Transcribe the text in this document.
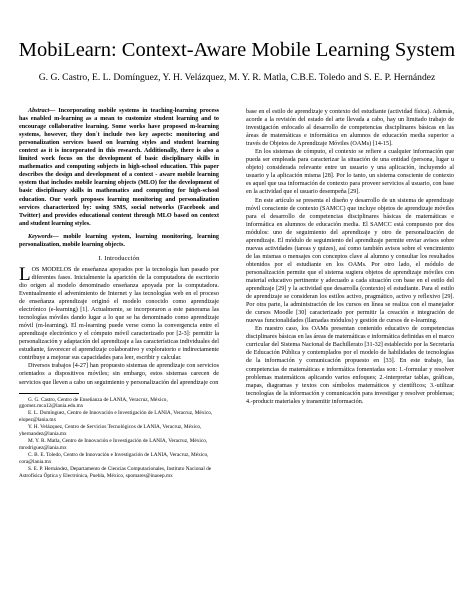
MobiLearn: Context-Aware Mobile Learning System
G. G. Castro, E. L. Domínguez, Y. H. Velázquez, M. Y. R. Matla, C.B.E. Toledo and S. E. P. Hernández

Abstract— Incorporating mobile systems in teaching-learning process has enabled m-learning as a mean to customize student learning and to encourage collaborative learning. Some works have proposed m-learning systems, however, they don´t include two key aspects: monitoring and personalization services based on learning styles and student learning context as it is incorporated in this research. Additionally, there is also a limited work focus on the development of basic disciplinary skills in mathematics and computing subjects in high-school education. This paper describes the design and development of a context - aware mobile learning system that includes mobile learning objects (MLO) for the development of basic disciplinary skills in mathematics and computing for high-school education. Our work proposes learning monitoring and personalization services characterized by: using SMS, social networks (Facebook and Twitter) and provides educational content through MLO based on context and student learning styles.

Keywords— mobile learning system, learning monitoring, learning personalization, mobile learning objects.

I. Introducción

LOS MODELOS de enseñanza apoyados por la tecnología han pasado por diferentes fases. Inicialmente la aparición de la computadora de escritorio dio origen al modelo denominado enseñanza apoyada por la computadora. Eventualmente el advenimiento de Internet y las tecnologías web en el proceso de enseñanza aprendizaje originó el modelo conocido como aprendizaje electrónico (e-learning) [1]. Actualmente, se incorporaron a este panorama las tecnologías móviles dando lugar a lo que se ha denominado como aprendizaje móvil (m-learning). El m-learning puede verse como la convergencia entre el aprendizaje electrónico y el cómputo móvil caracterizado por [2-3]: permitir la personalización y adaptación del aprendizaje a las características individuales del estudiante, favorecer el aprendizaje colaborativo y exploratorio e indirectamente contribuye a mejorar sus capacidades para leer, escribir y calcular.

Diversos trabajos [4-27] han propuesto sistemas de aprendizaje con servicios orientados a dispositivos móviles; sin embargo, estos sistemas carecen de servicios que lleven a cabo un seguimiento y personalización del aprendizaje con

G. G. Castro, Centro de Enseñanza de LANIA, Veracruz, México, ggomez.mca12@lania.edu.mx

E. L. Domínguez, Centro de Innovación e Investigación de LANIA, Veracruz, México, elopez@lania.mx

Y. H. Velázquez, Centro de Servicios Tecnológicos de LANIA, Veracruz, México, yhernandez@lania.mx

M. Y. R. Matla, Centro de Innovación e Investigación de LANIA, Veracruz, México, mrodriguez@lania.mx

C. B. E. Toledo, Centro de Innovación e Investigación de LANIA, Veracruz, México, cora@lania.mx

S. E. P. Hernández, Departamento de Ciencias Computacionales, Instituto Nacional de Astrofísica Óptica y Electrónica, Puebla, México, spomares@inaoep.mx

base en el estilo de aprendizaje y contexto del estudiante (actividad física). Además, acorde a la revisión del estado del arte llevada a cabo, hay un limitado trabajo de investigación enfocado al desarrollo de competencias disciplinares básicas en las áreas de matemáticas e informática en alumnos de educación media superior a través de Objetos de Aprendizaje Móviles (OAMs) [14-15].

En los sistemas de cómputo, el contexto se refiere a cualquier información que pueda ser empleada para caracterizar la situación de una entidad (persona, lugar u objeto) considerada relevante entre un usuario y una aplicación, incluyendo al usuario y la aplicación misma [28]. Por lo tanto, un sistema consciente de contexto es aquel que usa información de contexto para proveer servicios al usuario, con base en la actividad que el usuario desempeña [29].

En este artículo se presenta el diseño y desarrollo de un sistema de aprendizaje móvil consciente de contexto (SAMCC) que incluye objetos de aprendizaje móviles para el desarrollo de competencias disciplinares básicas de matemáticas e informática en alumnos de educación media. El SAMCC está compuesto por dos módulos: uno de seguimiento del aprendizaje y otro de personalización de aprendizaje. El módulo de seguimiento del aprendizaje permite enviar avisos sobre nuevas actividades (tareas y quizes), así como también avisos sobre el vencimiento de las mismas o mensajes con conceptos clave al alumno y consultar los resultados obtenidos por el estudiante en los OAMs. Por otro lado, el módulo de personalización permite que el sistema sugiera objetos de aprendizaje móviles con material educativo pertinente y adecuado a cada situación con base en el estilo del aprendizaje [29] y la actividad que desarrolla (contexto) el estudiante. Para el estilo de aprendizaje se consideran los estilos activo, pragmático, activo y reflexivo [29]. Por otra parte, la administración de los cursos en línea se realiza con el manejador de cursos Moodle [30] caracterizado por permitir la creación e integración de nuevas funcionalidades (llamadas módulos) y gestión de cursos de e-learning.

En nuestro caso, los OAMs presentan contenido educativo de competencias disciplinares básicas en las áreas de matemáticas e informática definidas en el marco curricular del Sistema Nacional de Bachillerato [31-32] establecido por la Secretaría de Educación Pública y contemplados por el modelo de habilidades de tecnologías de la información y comunicación propuesto en [33]. En este trabajo, las competencias de matemáticas e informática fomentadas son: 1.-formular y resolver problemas matemáticos aplicando varios enfoques; 2.-interpretar tablas, gráficas, mapas, diagramas y textos con símbolos matemáticos y científicos; 3.-utilizar tecnologías de la información y comunicación para investigar y resolver problemas; 4.-producir materiales y transmitir información.
